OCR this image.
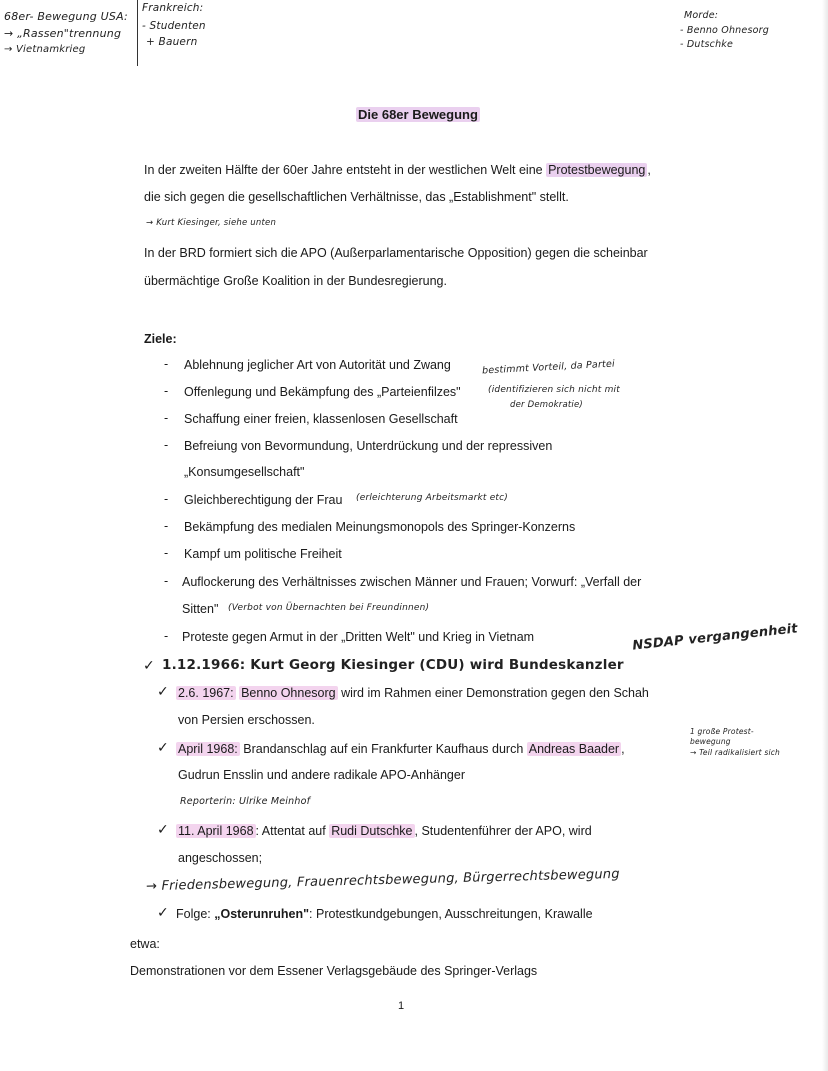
68er- Bewegung USA:
→ „Rassen"trennung
→ Vietnamkrieg
Frankreich:
- Studenten
+ Bauern
Morde:
- Benno Ohnesorg
- Dutschke
Die 68er Bewegung
In der zweiten Hälfte der 60er Jahre entsteht in der westlichen Welt eine Protestbewegung ,
die sich gegen die gesellschaftlichen Verhältnisse, das „Establishment" stellt.
→ Kurt Kiesinger, siehe unten
In der BRD formiert sich die APO (Außerparlamentarische Opposition) gegen die scheinbar
übermächtige Große Koalition in der Bundesregierung.
Ziele:
- Ablehnung jeglicher Art von Autorität und Zwang
- Offenlegung und Bekämpfung des „Parteienfilzes"
- Schaffung einer freien, klassenlosen Gesellschaft
- Befreiung von Bevormundung, Unterdrückung und der repressiven
„Konsumgesellschaft"
- Gleichberechtigung der Frau
- Bekämpfung des medialen Meinungsmonopols des Springer-Konzerns
- Kampf um politische Freiheit
- Auflockerung des Verhältnisses zwischen Männer und Frauen; Vorwurf: „Verfall der
Sitten"
- Proteste gegen Armut in der „Dritten Welt" und Krieg in Vietnam
bestimmt Vorteil, da Partei
(identifizieren sich nicht mit
der Demokratie)
(erleichterung Arbeitsmarkt etc)
(Verbot von Übernachten bei Freundinnen)
NSDAP vergangenheit
✓ 1.12.1966: Kurt Georg Kiesinger (CDU) wird Bundeskanzler
✓ 2.6. 1967: Benno Ohnesorg wird im Rahmen einer Demonstration gegen den Schah
von Persien erschossen.
✓ April 1968: Brandanschlag auf ein Frankfurter Kaufhaus durch Andreas Baader ,
Gudrun Ensslin und andere radikale APO-Anhänger
Reporterin: Ulrike Meinhof
✓ 11. April 1968 : Attentat auf Rudi Dutschke , Studentenführer der APO, wird
angeschossen;
→ Friedensbewegung, Frauenrechtsbewegung, Bürgerrechtsbewegung
✓ Folge: „Osterunruhen": Protestkundgebungen, Ausschreitungen, Krawalle
1 große Protest-
bewegung
→ Teil radikalisiert sich
etwa:
Demonstrationen vor dem Essener Verlagsgebäude des Springer-Verlags
1
